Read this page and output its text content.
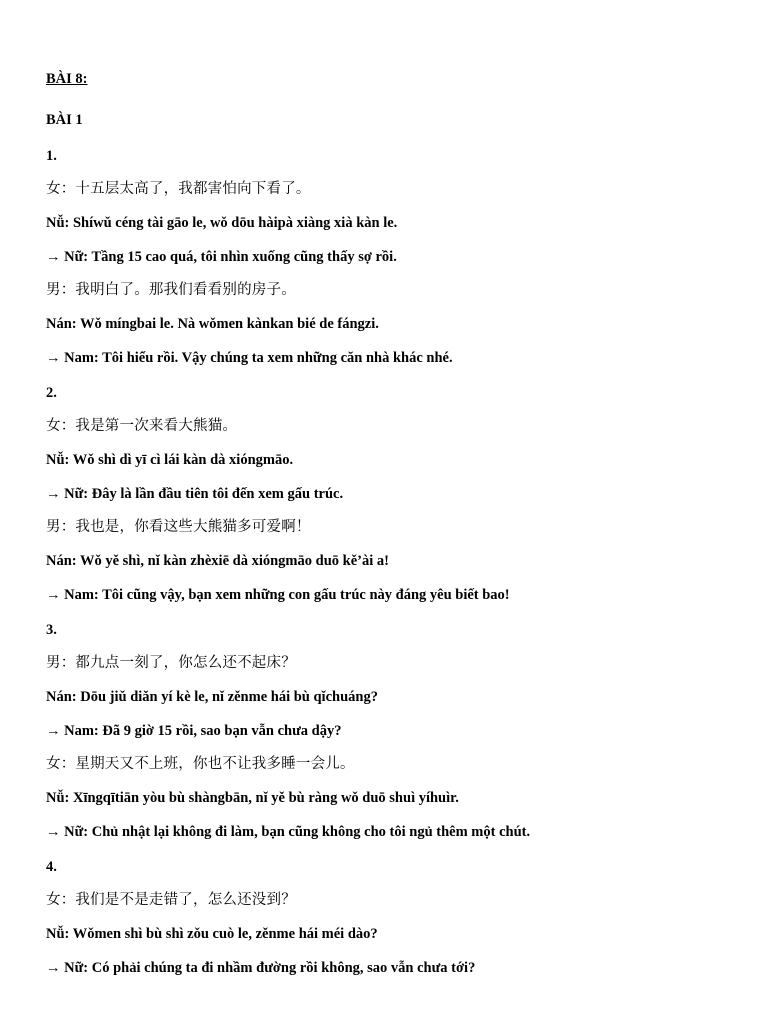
BÀI 8:
BÀI 1
1.
女：十五层太高了，我都害怕向下看了。
Nǚ: Shíwǔ céng tài gāo le, wǒ dōu hàipà xiàng xià kàn le.
→ Nữ: Tầng 15 cao quá, tôi nhìn xuống cũng thấy sợ rồi.
男：我明白了。那我们看看别的房子。
Nán: Wǒ míngbai le. Nà wǒmen kànkan bié de fángzi.
→ Nam: Tôi hiểu rồi. Vậy chúng ta xem những căn nhà khác nhé.
2.
女：我是第一次来看大熊猫。
Nǚ: Wǒ shì dì yī cì lái kàn dà xióngmāo.
→ Nữ: Đây là lần đầu tiên tôi đến xem gấu trúc.
男：我也是，你看这些大熊猫多可爱啊！
Nán: Wǒ yě shì, nǐ kàn zhèxiē dà xióngmāo duō kě’ài a!
→ Nam: Tôi cũng vậy, bạn xem những con gấu trúc này đáng yêu biết bao!
3.
男：都九点一刻了，你怎么还不起床？
Nán: Dōu jiǔ diǎn yí kè le, nǐ zěnme hái bù qǐchuáng?
→ Nam: Đã 9 giờ 15 rồi, sao bạn vẫn chưa dậy?
女：星期天又不上班，你也不让我多睡一会儿。
Nǚ: Xīngqītiān yòu bù shàngbān, nǐ yě bù ràng wǒ duō shuì yíhuìr.
→ Nữ: Chủ nhật lại không đi làm, bạn cũng không cho tôi ngủ thêm một chút.
4.
女：我们是不是走错了，怎么还没到？
Nǚ: Wǒmen shì bù shì zǒu cuò le, zěnme hái méi dào?
→ Nữ: Có phải chúng ta đi nhầm đường rồi không, sao vẫn chưa tới?
